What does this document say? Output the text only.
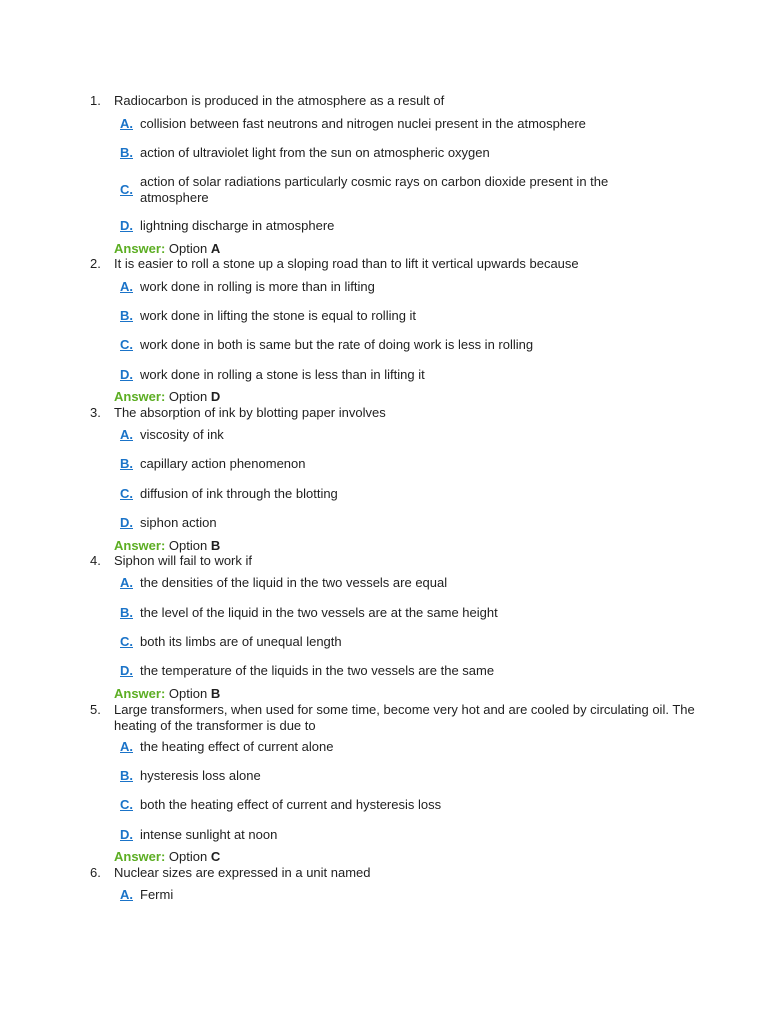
1. Radiocarbon is produced in the atmosphere as a result of
A. collision between fast neutrons and nitrogen nuclei present in the atmosphere
B. action of ultraviolet light from the sun on atmospheric oxygen
C.
action of solar radiations particularly cosmic rays on carbon dioxide present in the atmosphere
D. lightning discharge in atmosphere
Answer: Option A
2. It is easier to roll a stone up a sloping road than to lift it vertical upwards because
A. work done in rolling is more than in lifting
B. work done in lifting the stone is equal to rolling it
C. work done in both is same but the rate of doing work is less in rolling
D. work done in rolling a stone is less than in lifting it
Answer: Option D
3. The absorption of ink by blotting paper involves
A. viscosity of ink
B. capillary action phenomenon
C. diffusion of ink through the blotting
D. siphon action
Answer: Option B
4. Siphon will fail to work if
A. the densities of the liquid in the two vessels are equal
B. the level of the liquid in the two vessels are at the same height
C. both its limbs are of unequal length
D. the temperature of the liquids in the two vessels are the same
Answer: Option B
5. Large transformers, when used for some time, become very hot and are cooled by circulating oil. The heating of the transformer is due to
A. the heating effect of current alone
B. hysteresis loss alone
C. both the heating effect of current and hysteresis loss
D. intense sunlight at noon
Answer: Option C
6. Nuclear sizes are expressed in a unit named
A. Fermi
